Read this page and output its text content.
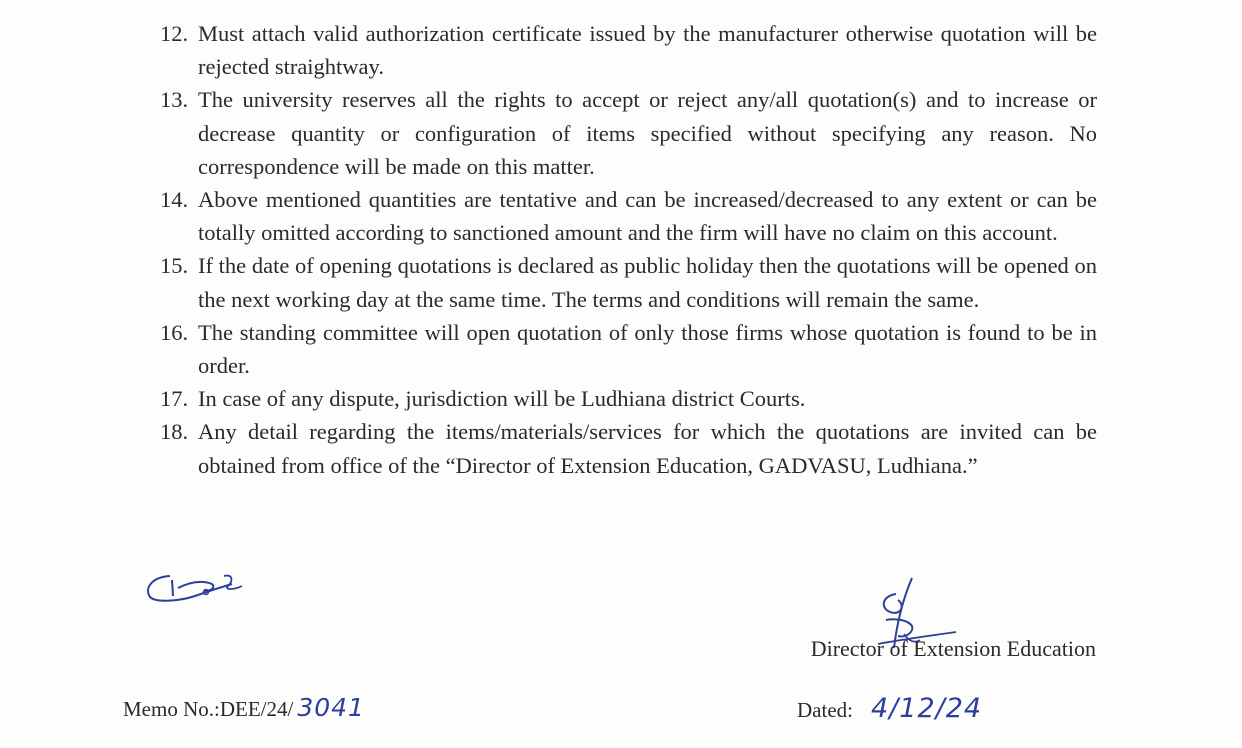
12. Must attach valid authorization certificate issued by the manufacturer otherwise quotation will be rejected straightway.
13. The university reserves all the rights to accept or reject any/all quotation(s) and to increase or decrease quantity or configuration of items specified without specifying any reason. No correspondence will be made on this matter.
14. Above mentioned quantities are tentative and can be increased/decreased to any extent or can be totally omitted according to sanctioned amount and the firm will have no claim on this account.
15. If the date of opening quotations is declared as public holiday then the quotations will be opened on the next working day at the same time. The terms and conditions will remain the same.
16. The standing committee will open quotation of only those firms whose quotation is found to be in order.
17. In case of any dispute, jurisdiction will be Ludhiana district Courts.
18. Any detail regarding the items/materials/services for which the quotations are invited can be obtained from office of the “Director of Extension Education, GADVASU, Ludhiana.”
Director of Extension Education
Memo No.:DEE/24/ 3041	Dated: 4/12/24
